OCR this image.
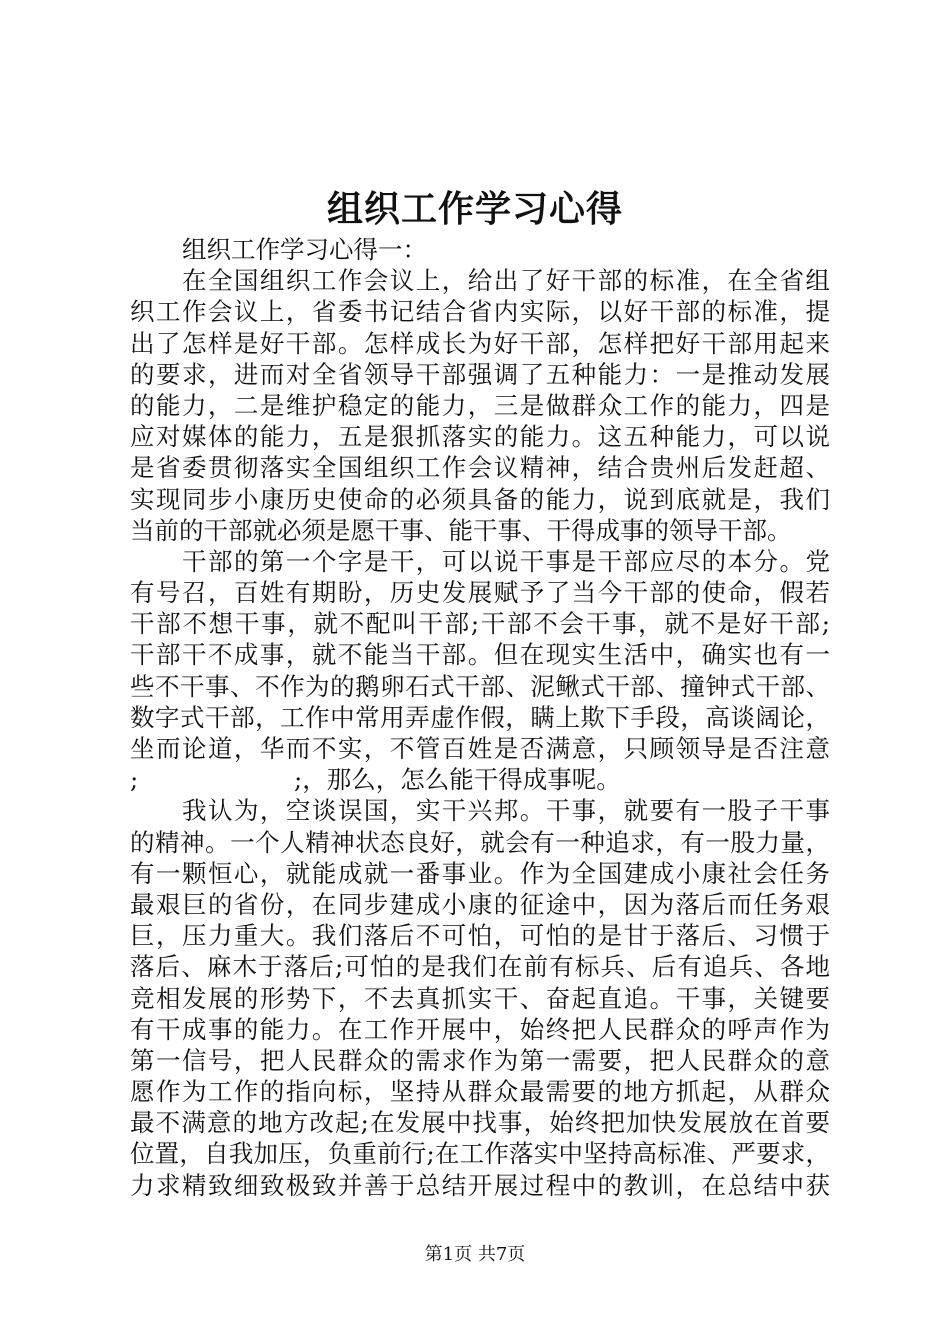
组织工作学习心得
组织工作学习心得一：
在全国组织工作会议上，给出了好干部的标准，在全省组
织工作会议上，省委书记结合省内实际，以好干部的标准，提
出了怎样是好干部。怎样成长为好干部，怎样把好干部用起来
的要求，进而对全省领导干部强调了五种能力：一是推动发展
的能力，二是维护稳定的能力，三是做群众工作的能力，四是
应对媒体的能力，五是狠抓落实的能力。这五种能力，可以说
是省委贯彻落实全国组织工作会议精神，结合贵州后发赶超、
实现同步小康历史使命的必须具备的能力，说到底就是，我们
当前的干部就必须是愿干事、能干事、干得成事的领导干部。
干部的第一个字是干，可以说干事是干部应尽的本分。党
有号召，百姓有期盼，历史发展赋予了当今干部的使命，假若
干部不想干事，就不配叫干部;干部不会干事，就不是好干部;
干部干不成事，就不能当干部。但在现实生活中，确实也有一
些不干事、不作为的鹅卵石式干部、泥鳅式干部、撞钟式干部、
数字式干部，工作中常用弄虚作假，瞒上欺下手段，高谈阔论，
坐而论道，华而不实，不管百姓是否满意，只顾领导是否注意
;                    ;，那么，怎么能干得成事呢。
我认为，空谈误国，实干兴邦。干事，就要有一股子干事
的精神。一个人精神状态良好，就会有一种追求，有一股力量，
有一颗恒心，就能成就一番事业。作为全国建成小康社会任务
最艰巨的省份，在同步建成小康的征途中，因为落后而任务艰
巨，压力重大。我们落后不可怕，可怕的是甘于落后、习惯于
落后、麻木于落后;可怕的是我们在前有标兵、后有追兵、各地
竞相发展的形势下，不去真抓实干、奋起直追。干事，关键要
有干成事的能力。在工作开展中，始终把人民群众的呼声作为
第一信号，把人民群众的需求作为第一需要，把人民群众的意
愿作为工作的指向标，坚持从群众最需要的地方抓起，从群众
最不满意的地方改起;在发展中找事，始终把加快发展放在首要
位置，自我加压，负重前行;在工作落实中坚持高标准、严要求，
力求精致细致极致并善于总结开展过程中的教训，在总结中获
第1页 共7页
